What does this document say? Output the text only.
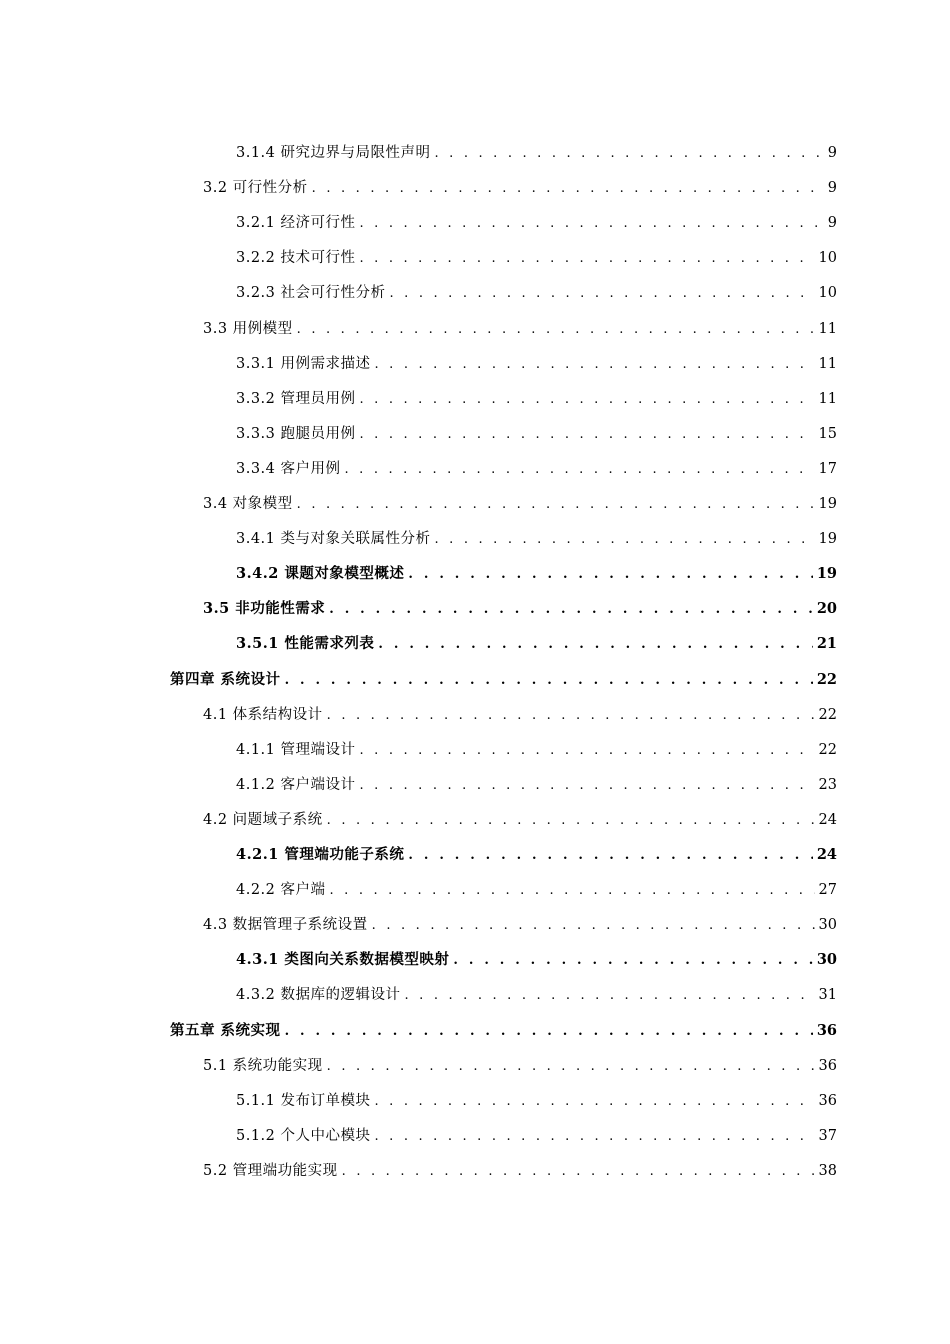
3.1.4 研究边界与局限性声明 . . .	9
3.2 可行性分析 . . .	9
3.2.1 经济可行性 . . .	9
3.2.2 技术可行性 . . .	10
3.2.3 社会可行性分析 . . .	10
3.3 用例模型 . . .	11
3.3.1 用例需求描述 . . .	11
3.3.2 管理员用例 . . .	11
3.3.3 跑腿员用例 . . .	15
3.3.4 客户用例 . . .	17
3.4 对象模型 . . .	19
3.4.1 类与对象关联属性分析 . . .	19
3.4.2 课题对象模型概述 . . .	19
3.5 非功能性需求 . . .	20
3.5.1 性能需求列表 . . .	21
第四章 系统设计 . . .	22
4.1 体系结构设计 . . .	22
4.1.1 管理端设计 . . .	22
4.1.2 客户端设计 . . .	23
4.2 问题域子系统 . . .	24
4.2.1 管理端功能子系统 . . .	24
4.2.2 客户端 . . .	27
4.3 数据管理子系统设置 . . .	30
4.3.1 类图向关系数据模型映射 . . .	30
4.3.2 数据库的逻辑设计 . . .	31
第五章 系统实现 . . .	36
5.1 系统功能实现 . . .	36
5.1.1 发布订单模块 . . .	36
5.1.2 个人中心模块 . . .	37
5.2 管理端功能实现 . . .	38
